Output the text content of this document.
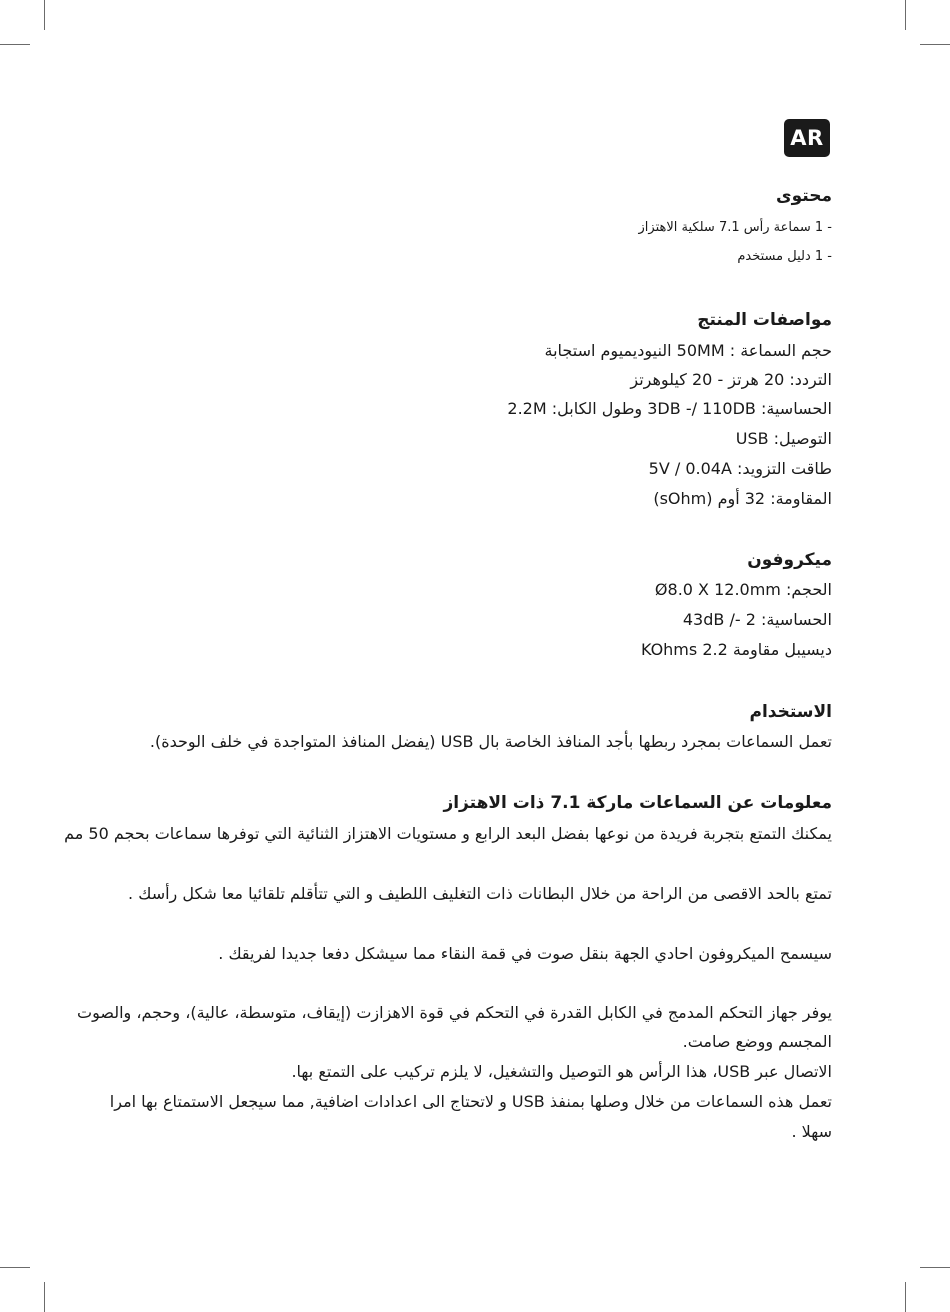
AR
محتوى
- 1 سماعة رأس 7.1 سلكية الاهتزاز
- 1 دليل مستخدم
مواصفات المنتج
حجم السماعة : 50MM النيوديميوم استجابة
التردد: 20 هرتز - 20 كيلوهرتز
الحساسية: 3DB -/ 110DB وطول الكابل: 2.2M
التوصيل: USB
طاقت التزويد: 5V / 0.04A
المقاومة: 32 أوم (sOhm)
ميكروفون
الحجم: Ø8.0 X 12.0mm
الحساسية: 2 -/ 43dB
ديسيبل مقاومة 2.2 KOhms
الاستخدام
تعمل السماعات بمجرد ربطها بأجد المنافذ الخاصة بال USB (يفضل المنافذ المتواجدة في خلف الوحدة).
معلومات عن السماعات ماركة 7.1 ذات الاهتزاز
يمكنك التمتع بتجربة فريدة من نوعها بفضل البعد الرابع و مستويات الاهتزاز الثنائية التي توفرها سماعات بحجم 50 مم
تمتع بالحد الاقصى من الراحة من خلال البطانات ذات التغليف اللطيف و التي تتأقلم تلقائيا معا شكل رأسك .
سيسمح الميكروفون احادي الجهة بنقل صوت في قمة النقاء مما سيشكل دفعا جديدا لفريقك .
يوفر جهاز التحكم المدمج في الكابل القدرة في التحكم في قوة الاهزازت (إيقاف، متوسطة، عالية)، وحجم، والصوت
المجسم ووضع صامت.
الاتصال عبر USB، هذا الرأس هو التوصيل والتشغيل، لا يلزم تركيب على التمتع بها.
تعمل هذه السماعات من خلال وصلها بمنفذ USB و لاتحتاج الى اعدادات اضافية, مما سيجعل الاستمتاع بها امرا
سهلا .
